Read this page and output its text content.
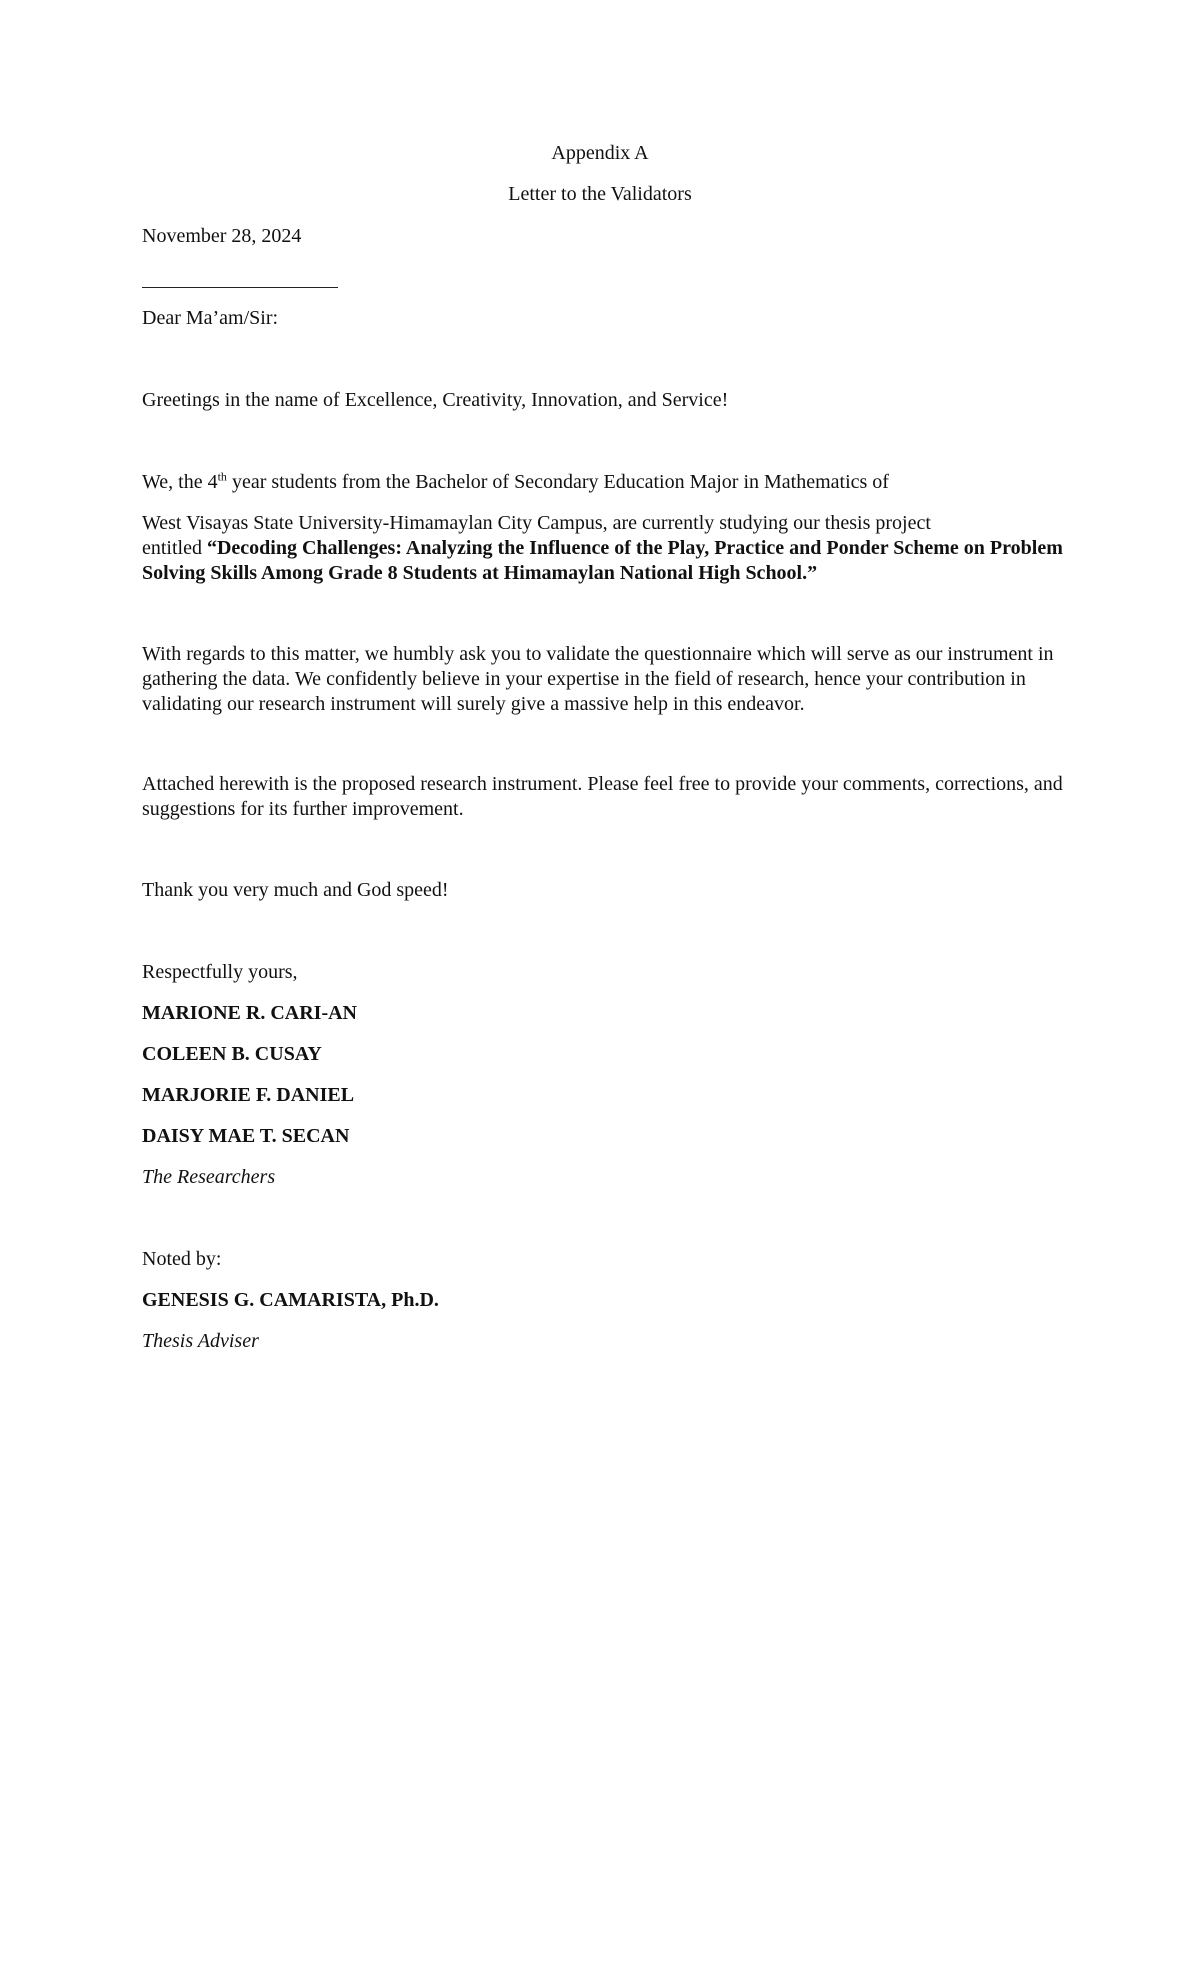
Appendix A
Letter to the Validators
November 28, 2024
Dear Ma’am/Sir:
Greetings in the name of Excellence, Creativity, Innovation, and Service!
We, the 4th year students from the Bachelor of Secondary Education Major in Mathematics of
West Visayas State University-Himamaylan City Campus, are currently studying our thesis project
entitled “Decoding Challenges: Analyzing the Influence of the Play, Practice and Ponder Scheme on Problem Solving Skills Among Grade 8 Students at Himamaylan National High School.”
With regards to this matter, we humbly ask you to validate the questionnaire which will serve as our instrument in gathering the data. We confidently believe in your expertise in the field of research, hence your contribution in validating our research instrument will surely give a massive help in this endeavor.
Attached herewith is the proposed research instrument. Please feel free to provide your comments, corrections, and suggestions for its further improvement.
Thank you very much and God speed!
Respectfully yours,
MARIONE R. CARI-AN
COLEEN B. CUSAY
MARJORIE F. DANIEL
DAISY MAE T. SECAN
The Researchers
Noted by:
GENESIS G. CAMARISTA, Ph.D.
Thesis Adviser
